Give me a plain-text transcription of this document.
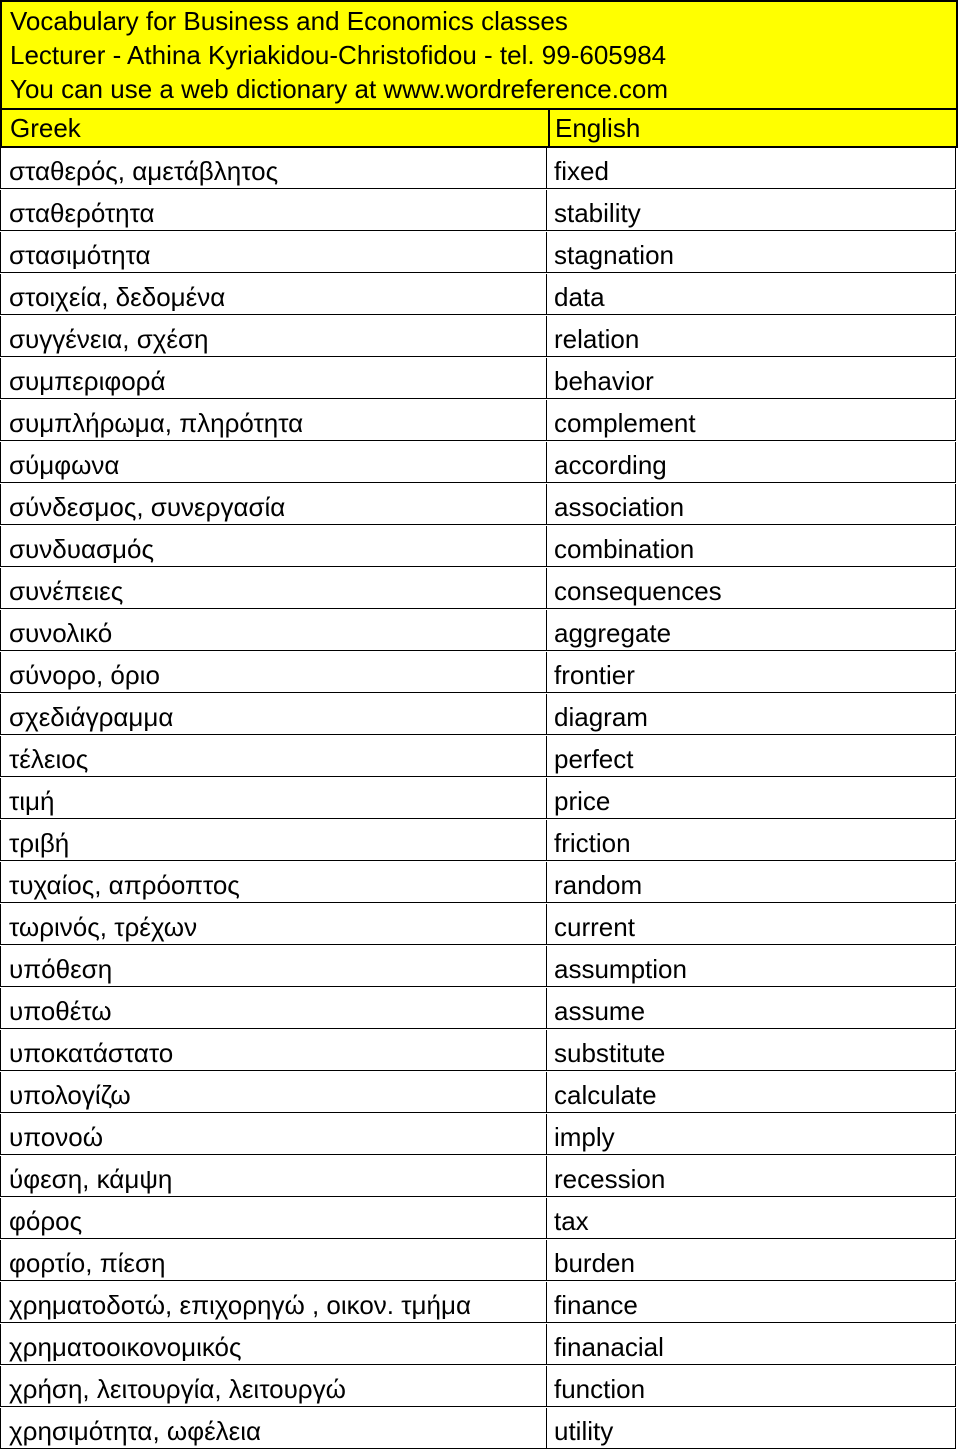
Vocabulary for Business and Economics classes
Lecturer - Athina Kyriakidou-Christofidou - tel. 99-605984
You can use a web dictionary at www.wordreference.com
Greek	English
σταθερός, αμετάβλητος	fixed
σταθερότητα	stability
στασιμότητα	stagnation
στοιχεία, δεδομένα	data
συγγένεια, σχέση	relation
συμπεριφορά	behavior
συμπλήρωμα, πληρότητα	complement
σύμφωνα	according
σύνδεσμος, συνεργασία	association
συνδυασμός	combination
συνέπειες	consequences
συνολικό	aggregate
σύνορο, όριο	frontier
σχεδιάγραμμα	diagram
τέλειος	perfect
τιμή	price
τριβή	friction
τυχαίος, απρόοπτος	random
τωρινός, τρέχων	current
υπόθεση	assumption
υποθέτω	assume
υποκατάστατο	substitute
υπολογίζω	calculate
υπονοώ	imply
ύφεση, κάμψη	recession
φόρος	tax
φορτίο, πίεση	burden
χρηματοδοτώ, επιχορηγώ , οικον. τμήμα	finance
χρηματοοικονομικός	finanacial
χρήση, λειτουργία, λειτουργώ	function
χρησιμότητα, ωφέλεια	utility
